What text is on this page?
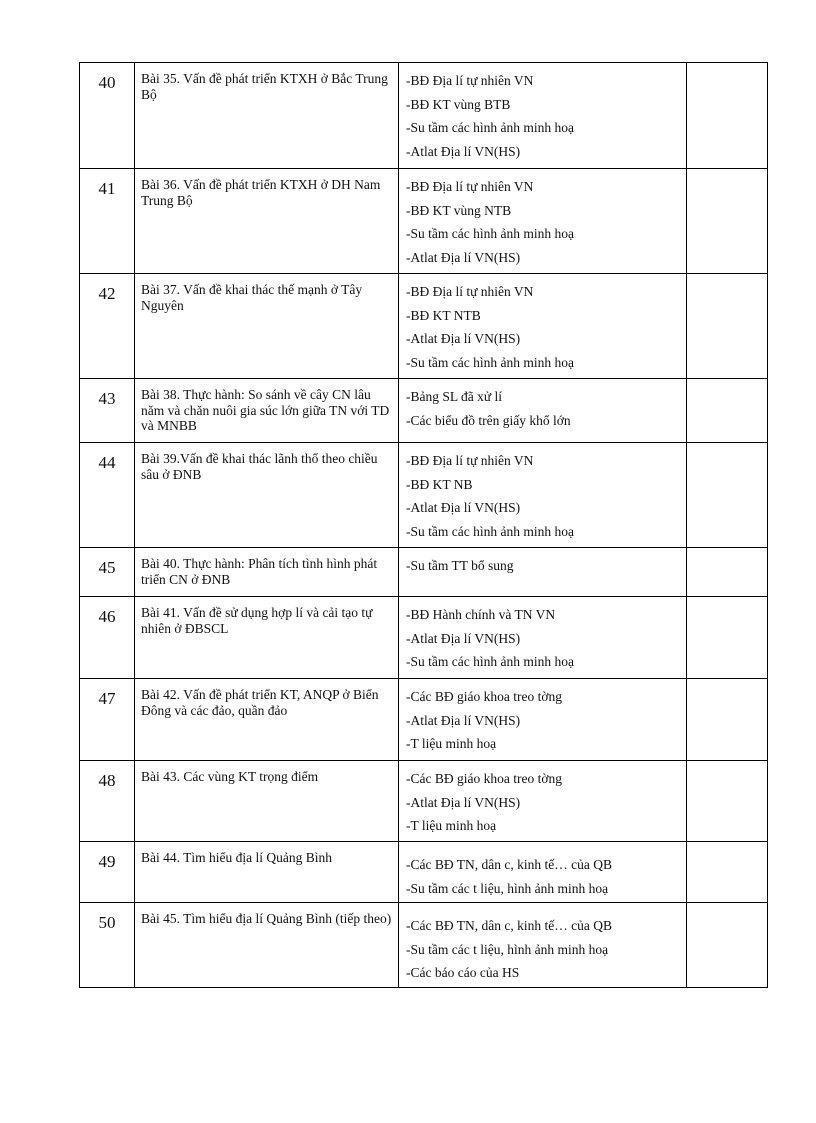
40	Bài 35. Vấn đề phát triển KTXH ở Bắc Trung Bộ	-BĐ Địa lí tự nhiên VN
-BĐ KT vùng BTB
-Su tầm các hình ảnh minh hoạ
-Atlat Địa lí VN(HS)	

41	Bài 36. Vấn đề phát triển KTXH ở DH Nam Trung Bộ	-BĐ Địa lí tự nhiên VN
-BĐ KT vùng NTB
-Su tầm các hình ảnh minh hoạ
-Atlat Địa lí VN(HS)	

42	Bài 37. Vấn đề khai thác thế mạnh ở Tây Nguyên	-BĐ Địa lí tự nhiên VN
-BĐ KT NTB
-Atlat Địa lí VN(HS)
-Su tầm các hình ảnh minh hoạ	

43	Bài 38. Thực hành: So sánh về cây CN lâu năm và chăn nuôi gia súc lớn giữa TN với TD và MNBB	-Bảng SL đã xử lí
-Các biểu đồ trên giấy khổ lớn	

44	Bài 39.Vấn đề khai thác lãnh thổ theo chiều sâu ở ĐNB	-BĐ Địa lí tự nhiên VN
-BĐ KT NB
-Atlat Địa lí VN(HS)
-Su tầm các hình ảnh minh hoạ	

45	Bài 40. Thực hành: Phân tích tình hình phát triển CN ở ĐNB	-Su tầm TT bổ sung	

46	Bài 41. Vấn đề sử dụng hợp lí và cải tạo tự nhiên ở ĐBSCL	-BĐ Hành chính và TN VN
-Atlat Địa lí VN(HS)
-Su tầm các hình ảnh minh hoạ	

47	Bài 42. Vấn đề phát triển KT, ANQP ở Biển Đông và các đảo, quần đảo	-Các BĐ giáo khoa treo tờng
-Atlat Địa lí VN(HS)
-T liệu minh hoạ	

48	Bài 43. Các vùng KT trọng điểm	-Các BĐ giáo khoa treo tờng
-Atlat Địa lí VN(HS)
-T liệu minh hoạ	

49	Bài 44. Tìm hiểu địa lí Quảng Bình	-Các BĐ TN, dân c, kinh tế… của QB
-Su tầm các t liệu, hình ảnh minh hoạ	

50	Bài 45. Tìm hiểu địa lí Quảng Bình (tiếp theo)	-Các BĐ TN, dân c, kinh tế… của QB
-Su tầm các t liệu, hình ảnh minh hoạ
-Các báo cáo của HS	
